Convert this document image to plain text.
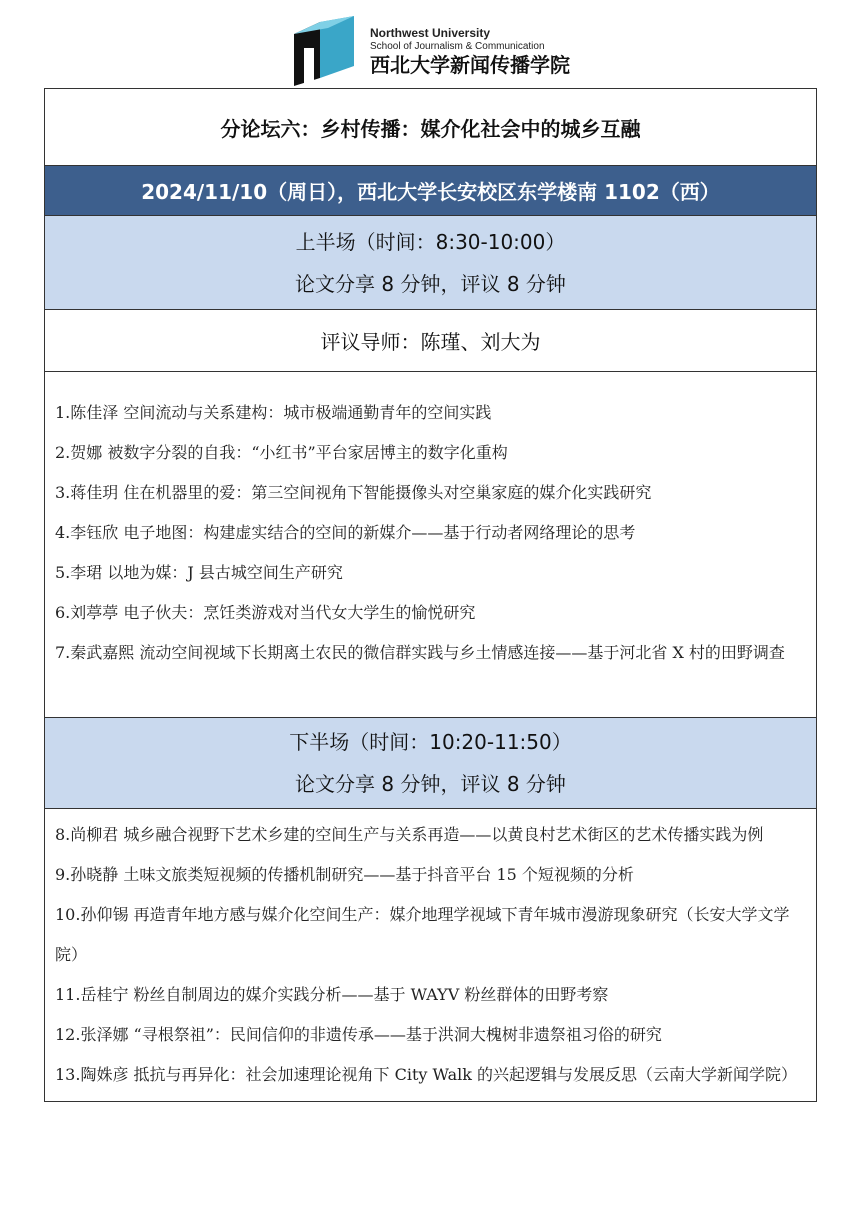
Northwest University
School of Journalism & Communication
西北大学新闻传播学院
分论坛六：乡村传播：媒介化社会中的城乡互融
2024/11/10（周日），西北大学长安校区东学楼南 1102（西）
上半场（时间：8:30-10:00）
论文分享 8 分钟，评议 8 分钟
评议导师：陈瑾、刘大为

1.陈佳泽 空间流动与关系建构：城市极端通勤青年的空间实践

2.贺娜 被数字分裂的自我：“小红书”平台家居博主的数字化重构

3.蒋佳玥 住在机器里的爱：第三空间视角下智能摄像头对空巢家庭的媒介化实践研究

4.李钰欣 电子地图：构建虚实结合的空间的新媒介——基于行动者网络理论的思考

5.李珺 以地为媒：J 县古城空间生产研究

6.刘葶葶 电子伙夫：烹饪类游戏对当代女大学生的愉悦研究

7.秦武嘉熙 流动空间视域下长期离土农民的微信群实践与乡土情感连接——基于河北省 X 村的田野调查

下半场（时间：10:20-11:50）
论文分享 8 分钟，评议 8 分钟

8.尚柳君 城乡融合视野下艺术乡建的空间生产与关系再造——以黄良村艺术街区的艺术传播实践为例

9.孙晓静 土味文旅类短视频的传播机制研究——基于抖音平台 15 个短视频的分析

10.孙仰锡 再造青年地方感与媒介化空间生产：媒介地理学视域下青年城市漫游现象研究（长安大学文学院）

11.岳桂宁 粉丝自制周边的媒介实践分析——基于 WAYV 粉丝群体的田野考察

12.张泽娜 “寻根祭祖”：民间信仰的非遗传承——基于洪洞大槐树非遗祭祖习俗的研究

13.陶姝彦 抵抗与再异化：社会加速理论视角下 City Walk 的兴起逻辑与发展反思（云南大学新闻学院）
